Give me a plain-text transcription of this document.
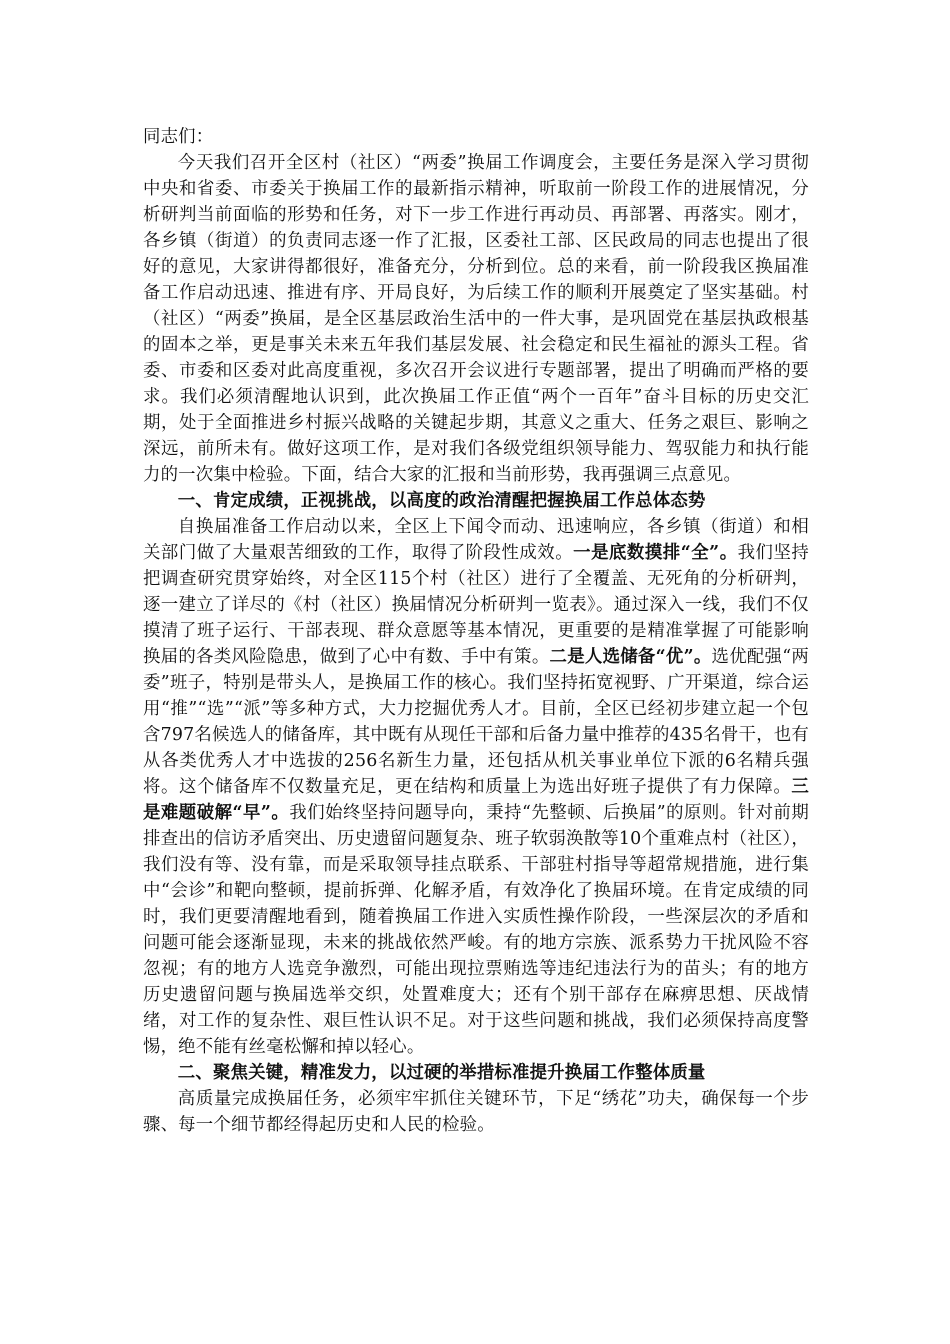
同志们：

今天我们召开全区村（社区）“两委”换届工作调度会，主要任务是深入学习贯彻中央和省委、市委关于换届工作的最新指示精神，听取前一阶段工作的进展情况，分析研判当前面临的形势和任务，对下一步工作进行再动员、再部署、再落实。刚才，各乡镇（街道）的负责同志逐一作了汇报，区委社工部、区民政局的同志也提出了很好的意见，大家讲得都很好，准备充分，分析到位。总的来看，前一阶段我区换届准备工作启动迅速、推进有序、开局良好，为后续工作的顺利开展奠定了坚实基础。村（社区）“两委”换届，是全区基层政治生活中的一件大事，是巩固党在基层执政根基的固本之举，更是事关未来五年我们基层发展、社会稳定和民生福祉的源头工程。省委、市委和区委对此高度重视，多次召开会议进行专题部署，提出了明确而严格的要求。我们必须清醒地认识到，此次换届工作正值“两个一百年”奋斗目标的历史交汇期，处于全面推进乡村振兴战略的关键起步期，其意义之重大、任务之艰巨、影响之深远，前所未有。做好这项工作，是对我们各级党组织领导能力、驾驭能力和执行能力的一次集中检验。下面，结合大家的汇报和当前形势，我再强调三点意见。

一、肯定成绩，正视挑战，以高度的政治清醒把握换届工作总体态势

自换届准备工作启动以来，全区上下闻令而动、迅速响应，各乡镇（街道）和相关部门做了大量艰苦细致的工作，取得了阶段性成效。一是底数摸排“全”。我们坚持把调查研究贯穿始终，对全区115个村（社区）进行了全覆盖、无死角的分析研判，逐一建立了详尽的《村（社区）换届情况分析研判一览表》。通过深入一线，我们不仅摸清了班子运行、干部表现、群众意愿等基本情况，更重要的是精准掌握了可能影响换届的各类风险隐患，做到了心中有数、手中有策。二是人选储备“优”。选优配强“两委”班子，特别是带头人，是换届工作的核心。我们坚持拓宽视野、广开渠道，综合运用“推”“选”“派”等多种方式，大力挖掘优秀人才。目前，全区已经初步建立起一个包含797名候选人的储备库，其中既有从现任干部和后备力量中推荐的435名骨干，也有从各类优秀人才中选拔的256名新生力量，还包括从机关事业单位下派的6名精兵强将。这个储备库不仅数量充足，更在结构和质量上为选出好班子提供了有力保障。三是难题破解“早”。我们始终坚持问题导向，秉持“先整顿、后换届”的原则。针对前期排查出的信访矛盾突出、历史遗留问题复杂、班子软弱涣散等10个重难点村（社区），我们没有等、没有靠，而是采取领导挂点联系、干部驻村指导等超常规措施，进行集中“会诊”和靶向整顿，提前拆弹、化解矛盾，有效净化了换届环境。在肯定成绩的同时，我们更要清醒地看到，随着换届工作进入实质性操作阶段，一些深层次的矛盾和问题可能会逐渐显现，未来的挑战依然严峻。有的地方宗族、派系势力干扰风险不容忽视；有的地方人选竞争激烈，可能出现拉票贿选等违纪违法行为的苗头；有的地方历史遗留问题与换届选举交织，处置难度大；还有个别干部存在麻痹思想、厌战情绪，对工作的复杂性、艰巨性认识不足。对于这些问题和挑战，我们必须保持高度警惕，绝不能有丝毫松懈和掉以轻心。

二、聚焦关键，精准发力，以过硬的举措标准提升换届工作整体质量

高质量完成换届任务，必须牢牢抓住关键环节，下足“绣花”功夫，确保每一个步骤、每一个细节都经得起历史和人民的检验。
